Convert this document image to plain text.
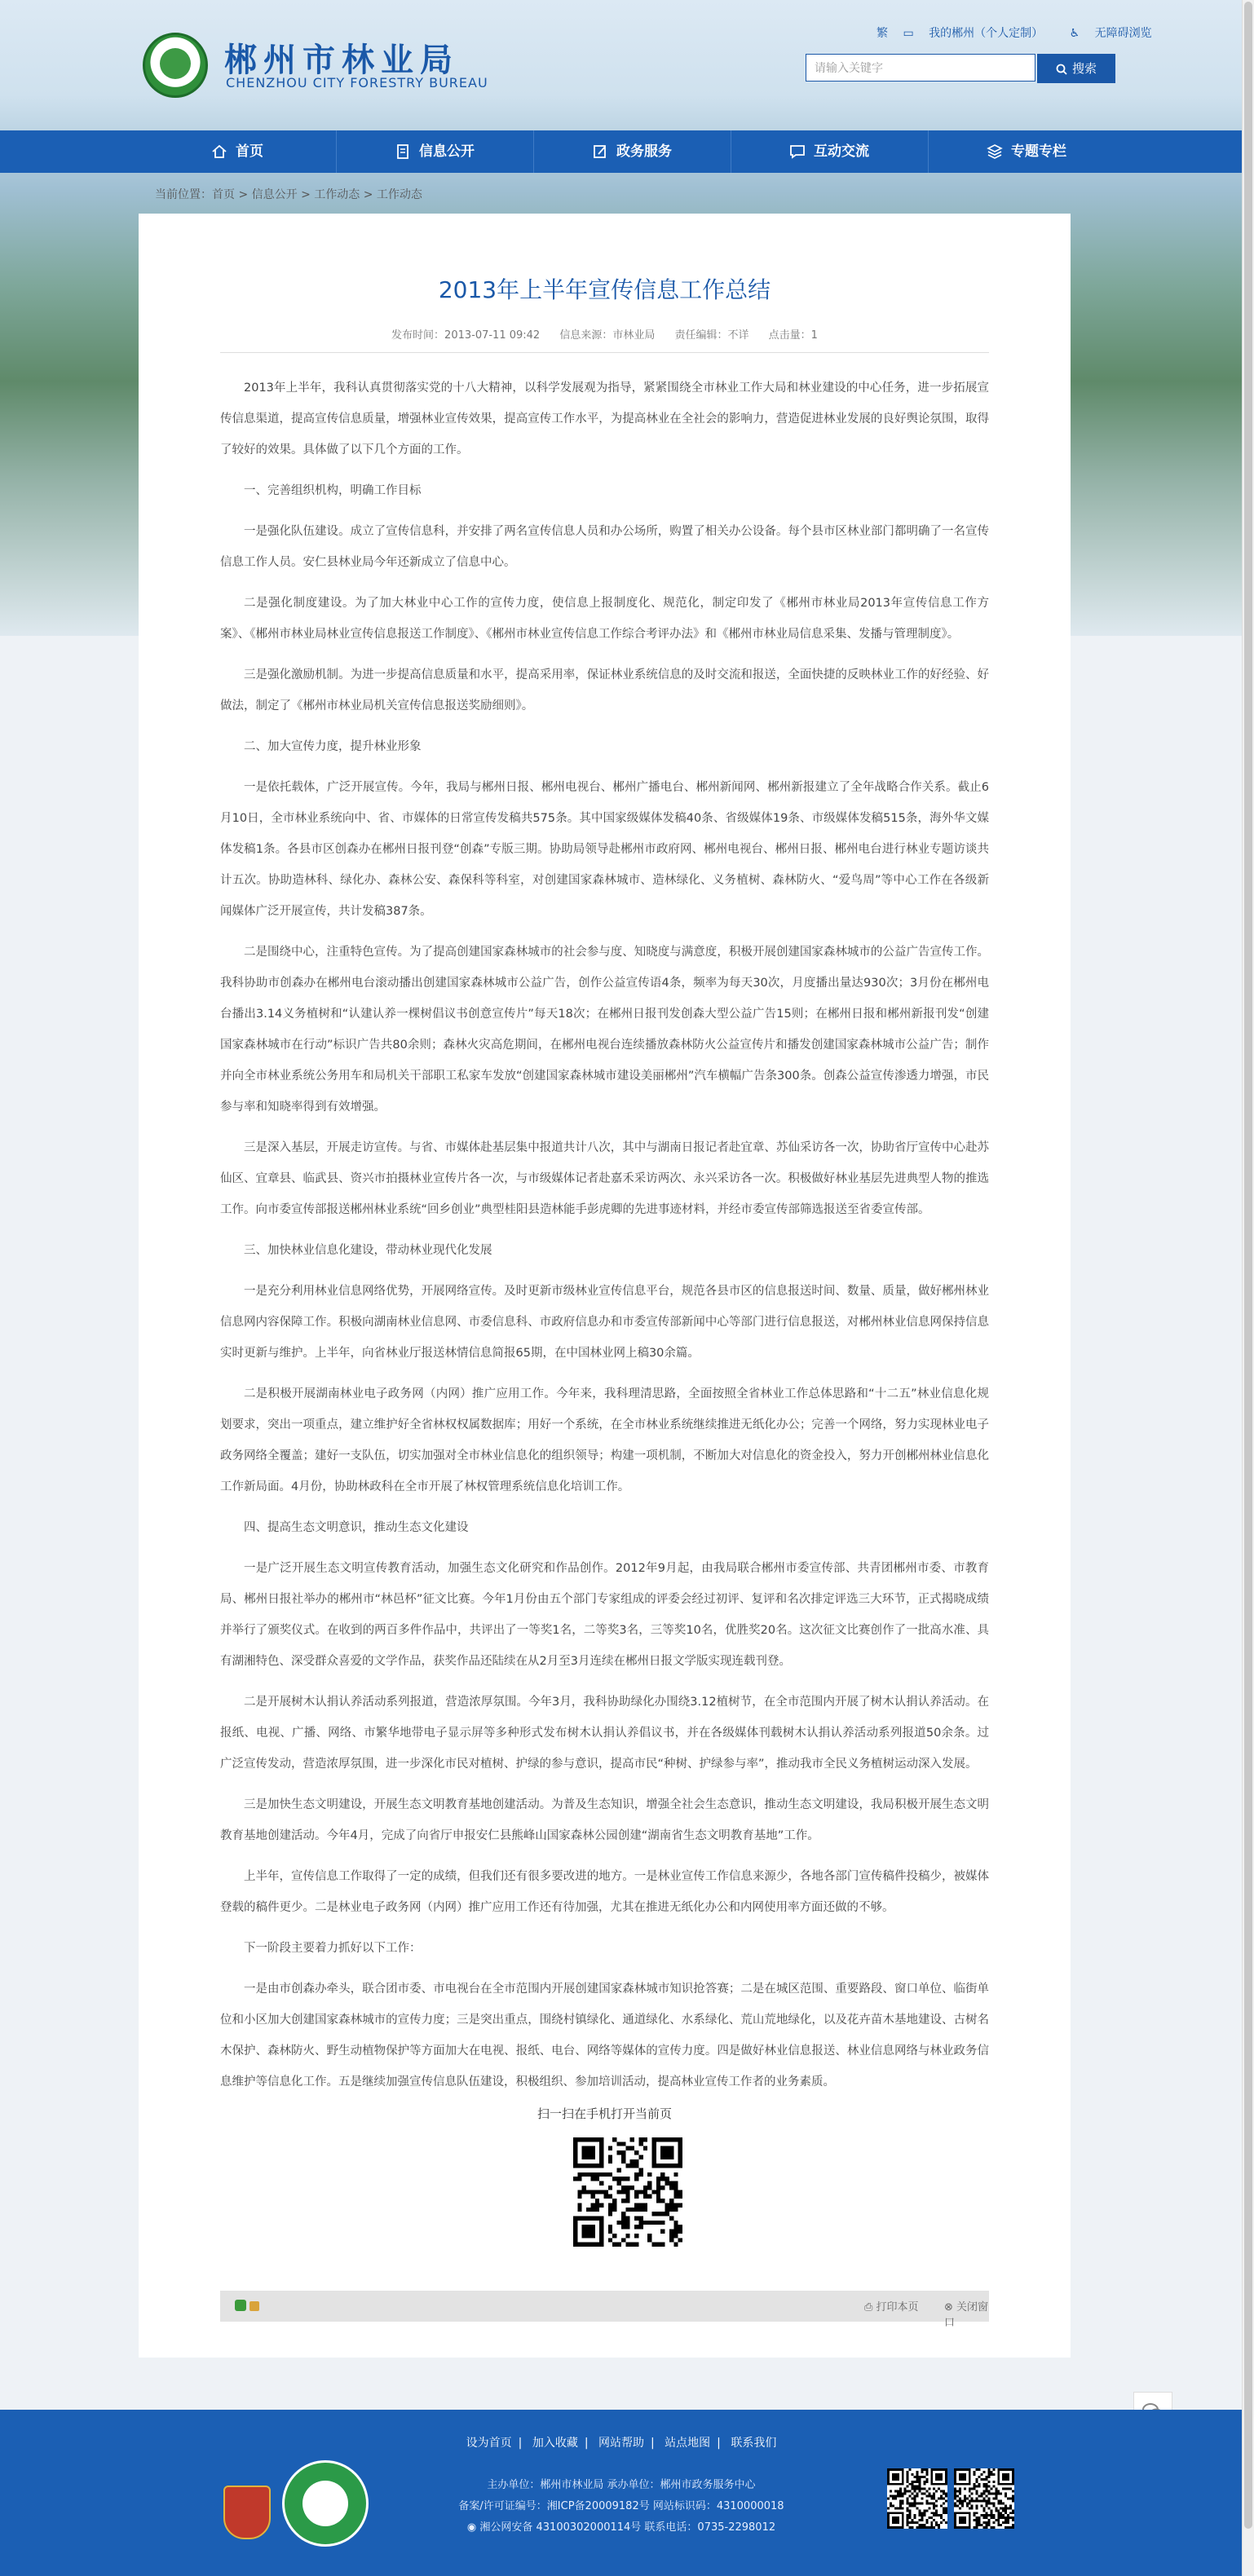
郴州市林业局
CHENZHOU CITY FORESTRY BUREAU
繁 ▭ 我的郴州（个人定制） ♿ 无障碍浏览
请输入关键字	搜索
首页	信息公开	政务服务	互动交流	专题专栏
当前位置：首页 > 信息公开 > 工作动态 > 工作动态
2013年上半年宣传信息工作总结
发布时间：2013-07-11 09:42 信息来源：市林业局 责任编辑：不详 点击量：1

2013年上半年，我科认真贯彻落实党的十八大精神，以科学发展观为指导，紧紧围绕全市林业工作大局和林业建设的中心任务，进一步拓展宣传信息渠道，提高宣传信息质量，增强林业宣传效果，提高宣传工作水平，为提高林业在全社会的影响力，营造促进林业发展的良好舆论氛围，取得了较好的效果。具体做了以下几个方面的工作。

一、完善组织机构，明确工作目标

一是强化队伍建设。成立了宣传信息科，并安排了两名宣传信息人员和办公场所，购置了相关办公设备。每个县市区林业部门都明确了一名宣传信息工作人员。安仁县林业局今年还新成立了信息中心。

二是强化制度建设。为了加大林业中心工作的宣传力度，使信息上报制度化、规范化，制定印发了《郴州市林业局2013年宣传信息工作方案》、《郴州市林业局林业宣传信息报送工作制度》、《郴州市林业宣传信息工作综合考评办法》和《郴州市林业局信息采集、发播与管理制度》。

三是强化激励机制。为进一步提高信息质量和水平，提高采用率，保证林业系统信息的及时交流和报送，全面快捷的反映林业工作的好经验、好做法，制定了《郴州市林业局机关宣传信息报送奖励细则》。

二、加大宣传力度，提升林业形象

一是依托载体，广泛开展宣传。今年，我局与郴州日报、郴州电视台、郴州广播电台、郴州新闻网、郴州新报建立了全年战略合作关系。截止6月10日，全市林业系统向中、省、市媒体的日常宣传发稿共575条。其中国家级媒体发稿40条、省级媒体19条、市级媒体发稿515条，海外华文媒体发稿1条。各县市区创森办在郴州日报刊登“创森”专版三期。协助局领导赴郴州市政府网、郴州电视台、郴州日报、郴州电台进行林业专题访谈共计五次。协助造林科、绿化办、森林公安、森保科等科室，对创建国家森林城市、造林绿化、义务植树、森林防火、“爱鸟周”等中心工作在各级新闻媒体广泛开展宣传，共计发稿387条。

二是围绕中心，注重特色宣传。为了提高创建国家森林城市的社会参与度、知晓度与满意度，积极开展创建国家森林城市的公益广告宣传工作。我科协助市创森办在郴州电台滚动播出创建国家森林城市公益广告，创作公益宣传语4条，频率为每天30次，月度播出量达930次；3月份在郴州电台播出3.14义务植树和“认建认养一棵树倡议书创意宣传片”每天18次；在郴州日报刊发创森大型公益广告15则；在郴州日报和郴州新报刊发“创建国家森林城市在行动”标识广告共80余则；森林火灾高危期间，在郴州电视台连续播放森林防火公益宣传片和播发创建国家森林城市公益广告；制作并向全市林业系统公务用车和局机关干部职工私家车发放“创建国家森林城市建设美丽郴州”汽车横幅广告条300条。创森公益宣传渗透力增强，市民参与率和知晓率得到有效增强。

三是深入基层，开展走访宣传。与省、市媒体赴基层集中报道共计八次，其中与湖南日报记者赴宜章、苏仙采访各一次，协助省厅宣传中心赴苏仙区、宜章县、临武县、资兴市拍摄林业宣传片各一次，与市级媒体记者赴嘉禾采访两次、永兴采访各一次。积极做好林业基层先进典型人物的推选工作。向市委宣传部报送郴州林业系统“回乡创业”典型桂阳县造林能手彭虎卿的先进事迹材料，并经市委宣传部筛选报送至省委宣传部。

三、加快林业信息化建设，带动林业现代化发展

一是充分利用林业信息网络优势，开展网络宣传。及时更新市级林业宣传信息平台，规范各县市区的信息报送时间、数量、质量，做好郴州林业信息网内容保障工作。积极向湖南林业信息网、市委信息科、市政府信息办和市委宣传部新闻中心等部门进行信息报送，对郴州林业信息网保持信息实时更新与维护。上半年，向省林业厅报送林情信息简报65期，在中国林业网上稿30余篇。

二是积极开展湖南林业电子政务网（内网）推广应用工作。今年来，我科理清思路，全面按照全省林业工作总体思路和“十二五”林业信息化规划要求，突出一项重点，建立维护好全省林权权属数据库；用好一个系统，在全市林业系统继续推进无纸化办公；完善一个网络，努力实现林业电子政务网络全覆盖；建好一支队伍，切实加强对全市林业信息化的组织领导；构建一项机制，不断加大对信息化的资金投入，努力开创郴州林业信息化工作新局面。4月份，协助林政科在全市开展了林权管理系统信息化培训工作。

四、提高生态文明意识，推动生态文化建设

一是广泛开展生态文明宣传教育活动，加强生态文化研究和作品创作。2012年9月起，由我局联合郴州市委宣传部、共青团郴州市委、市教育局、郴州日报社举办的郴州市“林邑杯”征文比赛。今年1月份由五个部门专家组成的评委会经过初评、复评和名次排定评选三大环节，正式揭晓成绩并举行了颁奖仪式。在收到的两百多件作品中，共评出了一等奖1名，二等奖3名，三等奖10名，优胜奖20名。这次征文比赛创作了一批高水准、具有湖湘特色、深受群众喜爱的文学作品，获奖作品还陆续在从2月至3月连续在郴州日报文学版实现连载刊登。

二是开展树木认捐认养活动系列报道，营造浓厚氛围。今年3月，我科协助绿化办围绕3.12植树节，在全市范围内开展了树木认捐认养活动。在报纸、电视、广播、网络、市繁华地带电子显示屏等多种形式发布树木认捐认养倡议书，并在各级媒体刊载树木认捐认养活动系列报道50余条。过广泛宣传发动，营造浓厚氛围，进一步深化市民对植树、护绿的参与意识，提高市民“种树、护绿参与率”，推动我市全民义务植树运动深入发展。

三是加快生态文明建设，开展生态文明教育基地创建活动。为普及生态知识，增强全社会生态意识，推动生态文明建设，我局积极开展生态文明教育基地创建活动。今年4月，完成了向省厅申报安仁县熊峰山国家森林公园创建“湖南省生态文明教育基地”工作。

上半年，宣传信息工作取得了一定的成绩，但我们还有很多要改进的地方。一是林业宣传工作信息来源少，各地各部门宣传稿件投稿少，被媒体登载的稿件更少。二是林业电子政务网（内网）推广应用工作还有待加强，尤其在推进无纸化办公和内网使用率方面还做的不够。

下一阶段主要着力抓好以下工作：

一是由市创森办牵头，联合团市委、市电视台在全市范围内开展创建国家森林城市知识抢答赛；二是在城区范围、重要路段、窗口单位、临街单位和小区加大创建国家森林城市的宣传力度；三是突出重点，围绕村镇绿化、通道绿化、水系绿化、荒山荒地绿化，以及花卉苗木基地建设、古树名木保护、森林防火、野生动植物保护等方面加大在电视、报纸、电台、网络等媒体的宣传力度。四是做好林业信息报送、林业信息网络与林业政务信息维护等信息化工作。五是继续加强宣传信息队伍建设，积极组织、参加培训活动，提高林业宣传工作者的业务素质。

扫一扫在手机打开当前页
⎙ 打印本页 ⊗ 关闭窗口
设为首页 | 加入收藏 | 网站帮助 | 站点地图 | 联系我们
主办单位：郴州市林业局 承办单位：郴州市政务服务中心
备案/许可证编号：湘ICP备20009182号 网站标识码：4310000018
◉ 湘公网安备 43100302000114号 联系电话：0735-2298012
